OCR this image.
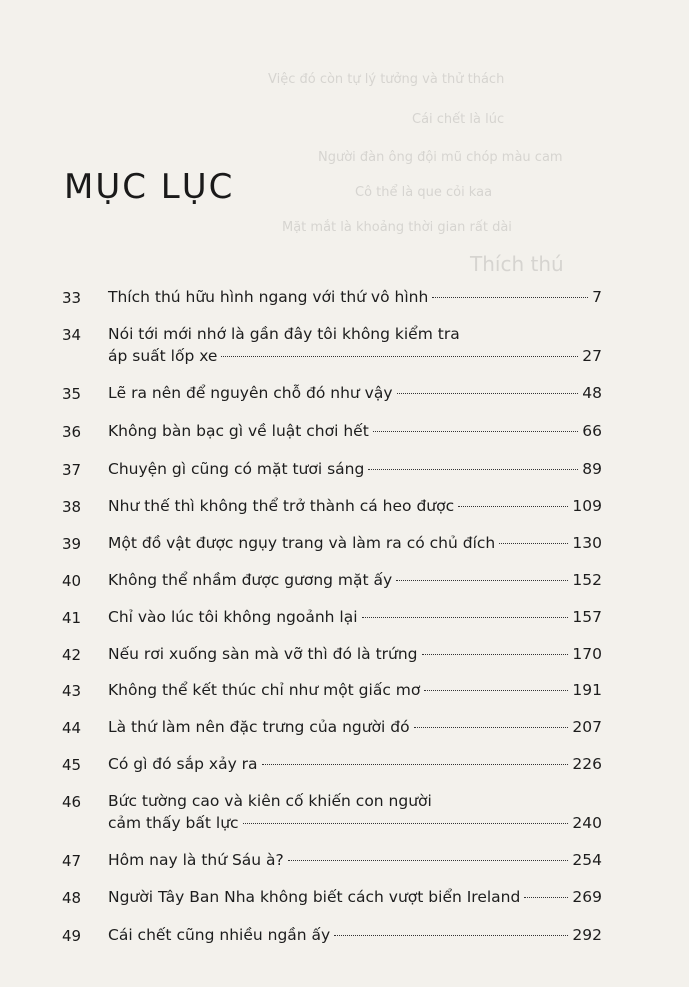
Việc đó còn tự lý tưởng và thử thách
Cái chết là lúc
Người đàn ông đội mũ chóp màu cam
Cô thể là que cỏi kaa
Mặt mắt là khoảng thời gian rất dài
Thích thú
MỤC LỤC
33	Thích thú hữu hình ngang với thứ vô hình	7
34	Nói tới mới nhớ là gần đây tôi không kiểm tra
áp suất lốp xe	27
35	Lẽ ra nên để nguyên chỗ đó như vậy	48
36	Không bàn bạc gì về luật chơi hết	66
37	Chuyện gì cũng có mặt tươi sáng	89
38	Như thế thì không thể trở thành cá heo được	109
39	Một đồ vật được ngụy trang và làm ra có chủ đích	130
40	Không thể nhầm được gương mặt ấy	152
41	Chỉ vào lúc tôi không ngoảnh lại	157
42	Nếu rơi xuống sàn mà vỡ thì đó là trứng	170
43	Không thể kết thúc chỉ như một giấc mơ	191
44	Là thứ làm nên đặc trưng của người đó	207
45	Có gì đó sắp xảy ra	226
46	Bức tường cao và kiên cố khiến con người
cảm thấy bất lực	240
47	Hôm nay là thứ Sáu à?	254
48	Người Tây Ban Nha không biết cách vượt biển Ireland	269
49	Cái chết cũng nhiều ngần ấy	292
